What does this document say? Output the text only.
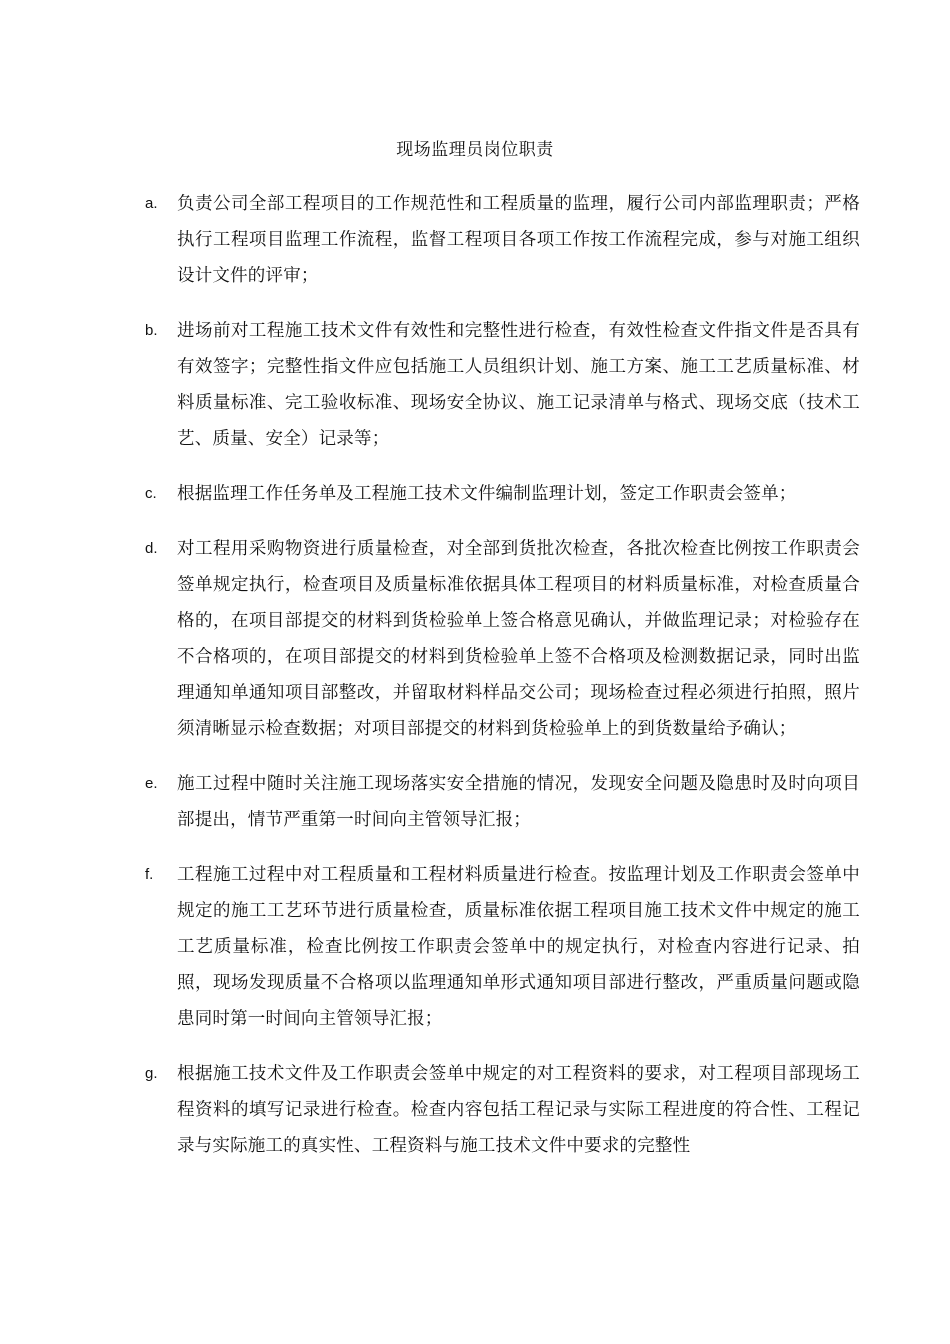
现场监理员岗位职责
a.	负责公司全部工程项目的工作规范性和工程质量的监理，履行公司内部监理职责；严格执行工程项目监理工作流程，监督工程项目各项工作按工作流程完成，参与对施工组织设计文件的评审；
b.	进场前对工程施工技术文件有效性和完整性进行检查，有效性检查文件指文件是否具有有效签字；完整性指文件应包括施工人员组织计划、施工方案、施工工艺质量标准、材料质量标准、完工验收标准、现场安全协议、施工记录清单与格式、现场交底（技术工艺、质量、安全）记录等；
c.	根据监理工作任务单及工程施工技术文件编制监理计划，签定工作职责会签单；
d.	对工程用采购物资进行质量检查，对全部到货批次检查，各批次检查比例按工作职责会签单规定执行，检查项目及质量标准依据具体工程项目的材料质量标准，对检查质量合格的，在项目部提交的材料到货检验单上签合格意见确认，并做监理记录；对检验存在不合格项的，在项目部提交的材料到货检验单上签不合格项及检测数据记录，同时出监理通知单通知项目部整改，并留取材料样品交公司；现场检查过程必须进行拍照，照片须清晰显示检查数据；对项目部提交的材料到货检验单上的到货数量给予确认；
e.	施工过程中随时关注施工现场落实安全措施的情况，发现安全问题及隐患时及时向项目部提出，情节严重第一时间向主管领导汇报；
f.	工程施工过程中对工程质量和工程材料质量进行检查。按监理计划及工作职责会签单中规定的施工工艺环节进行质量检查，质量标准依据工程项目施工技术文件中规定的施工工艺质量标准，检查比例按工作职责会签单中的规定执行，对检查内容进行记录、拍照，现场发现质量不合格项以监理通知单形式通知项目部进行整改，严重质量问题或隐患同时第一时间向主管领导汇报；
g.	根据施工技术文件及工作职责会签单中规定的对工程资料的要求，对工程项目部现场工程资料的填写记录进行检查。检查内容包括工程记录与实际工程进度的符合性、工程记录与实际施工的真实性、工程资料与施工技术文件中要求的完整性
